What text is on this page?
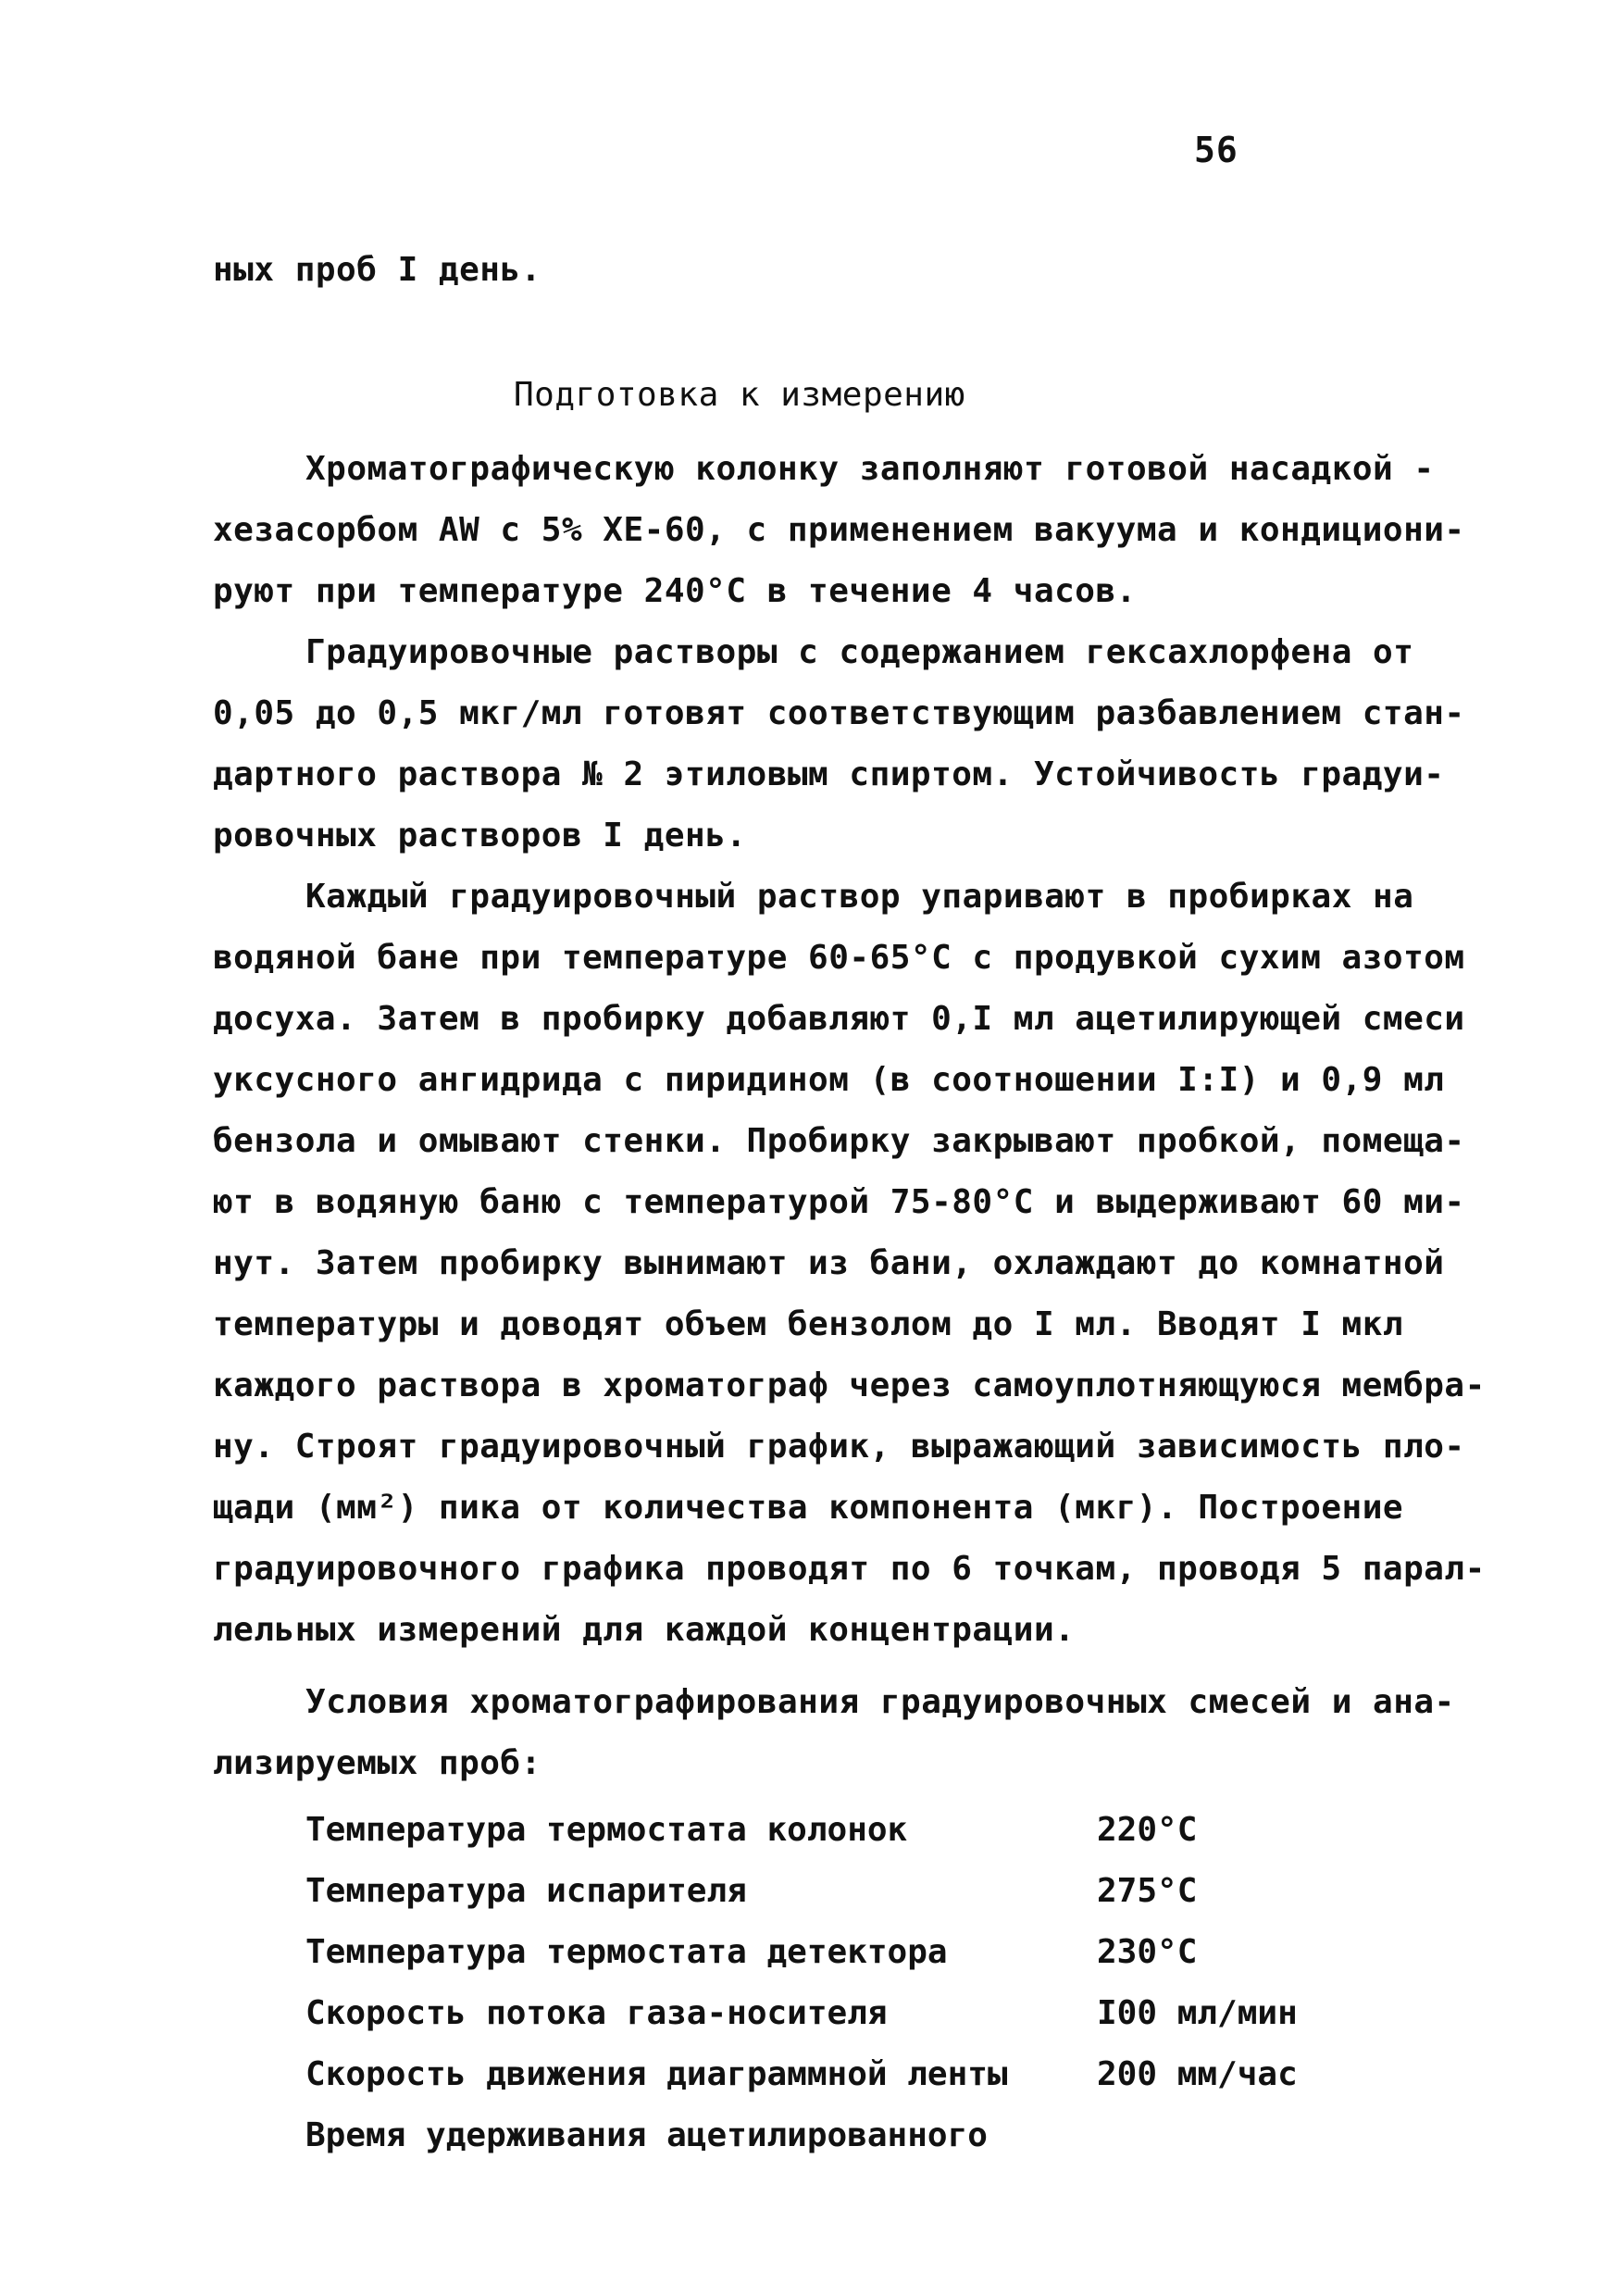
56
ных проб I день.
Подготовка к измерению
Хроматографическую колонку заполняют готовой насадкой -
хезасорбом AW с 5% XE-60, с применением вакуума и кондициони-
руют при температуре 240°С в течение 4 часов.
Градуировочные растворы с содержанием гексахлорфена от
0,05 до 0,5 мкг/мл готовят соответствующим разбавлением стан-
дартного раствора № 2 этиловым спиртом. Устойчивость градуи-
ровочных растворов I день.
Каждый градуировочный раствор упаривают в пробирках на
водяной бане при температуре 60-65°С с продувкой сухим азотом
досуха. Затем в пробирку добавляют 0,I мл ацетилирующей смеси
уксусного ангидрида с пиридином (в соотношении I:I) и 0,9 мл
бензола и омывают стенки. Пробирку закрывают пробкой, помеща-
ют в водяную баню с температурой 75-80°С и выдерживают 60 ми-
нут. Затем пробирку вынимают из бани, охлаждают до комнатной
температуры и доводят объем бензолом до I мл. Вводят I мкл
каждого раствора в хроматограф через самоуплотняющуюся мембра-
ну. Строят градуировочный график, выражающий зависимость пло-
щади (мм²) пика от количества компонента (мкг). Построение
градуировочного графика проводят по 6 точкам, проводя 5 парал-
лельных измерений для каждой концентрации.
Условия хроматографирования градуировочных смесей и ана-
лизируемых проб:
Температура термостата колонок	220°С
Температура испарителя	275°С
Температура термостата детектора	230°С
Скорость потока газа-носителя	I00 мл/мин
Скорость движения диаграммной ленты	200 мм/час
Время удерживания ацетилированного
